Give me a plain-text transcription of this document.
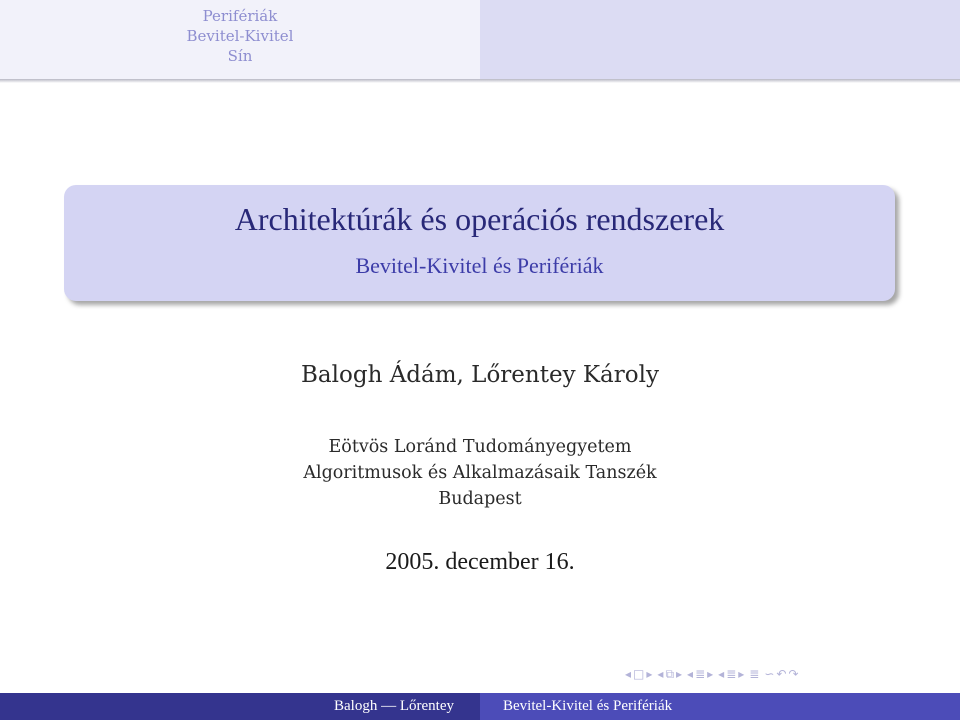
Perifériák
Bevitel-Kivitel
Sín
Architektúrák és operációs rendszerek
Bevitel-Kivitel és Perifériák
Balogh Ádám, Lőrentey Károly
Eötvös Loránd Tudományegyetem
Algoritmusok és Alkalmazásaik Tanszék
Budapest
2005. december 16.
◂ □ ▸ ◂ ⧉ ▸ ◂ ≣ ▸ ◂ ≣ ▸ ≣ ∽ ↶ ↷
Balogh — Lőrentey	Bevitel-Kivitel és Perifériák
